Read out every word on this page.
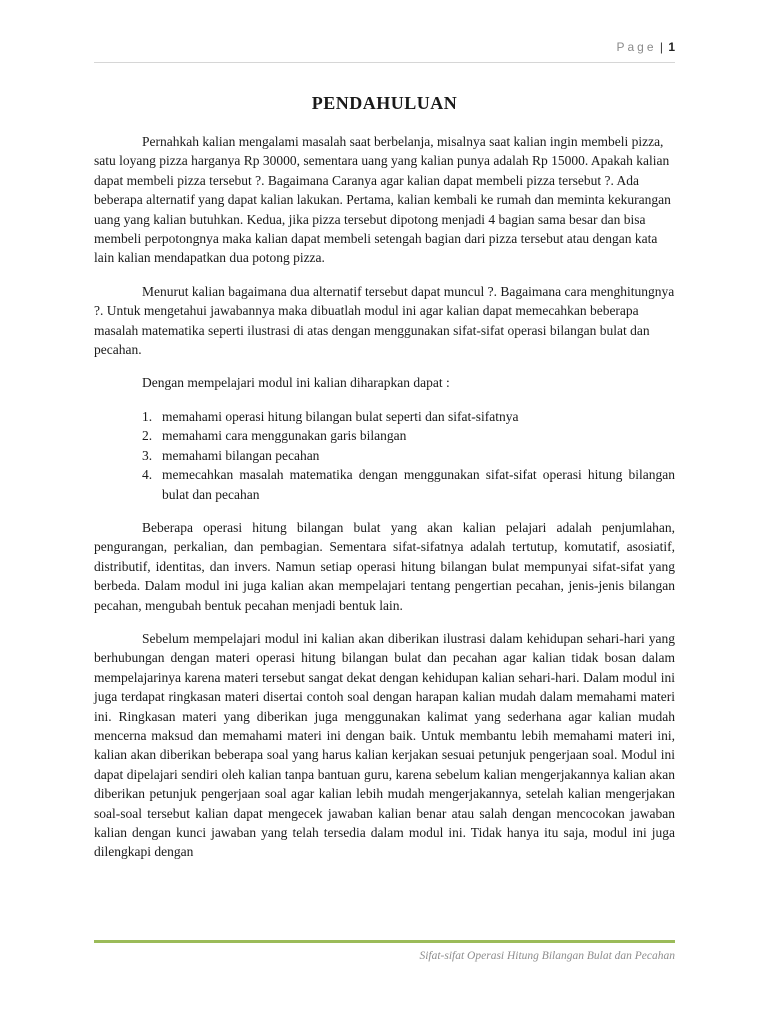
Page | 1
PENDAHULUAN

Pernahkah kalian mengalami masalah saat berbelanja, misalnya saat kalian ingin membeli pizza, satu loyang pizza harganya Rp 30000, sementara uang yang kalian punya adalah Rp 15000. Apakah kalian dapat membeli pizza tersebut ?. Bagaimana Caranya agar kalian dapat membeli pizza tersebut ?. Ada beberapa alternatif yang dapat kalian lakukan. Pertama, kalian kembali ke rumah dan meminta kekurangan uang yang kalian butuhkan. Kedua, jika pizza tersebut dipotong menjadi 4 bagian sama besar dan bisa membeli perpotongnya maka kalian dapat membeli setengah bagian dari pizza tersebut atau dengan kata lain kalian mendapatkan dua potong pizza.

Menurut kalian bagaimana dua alternatif tersebut dapat muncul ?. Bagaimana cara menghitungnya ?. Untuk mengetahui jawabannya maka dibuatlah modul ini agar kalian dapat memecahkan beberapa masalah matematika seperti ilustrasi di atas dengan menggunakan sifat-sifat operasi bilangan bulat dan pecahan.

Dengan mempelajari modul ini kalian diharapkan dapat :

1. memahami operasi hitung bilangan bulat seperti dan sifat-sifatnya
2. memahami cara menggunakan garis bilangan
3. memahami bilangan pecahan
4. memecahkan masalah matematika dengan menggunakan sifat-sifat operasi hitung bilangan bulat dan pecahan

Beberapa operasi hitung bilangan bulat yang akan kalian pelajari adalah penjumlahan, pengurangan, perkalian, dan pembagian. Sementara sifat-sifatnya adalah tertutup, komutatif, asosiatif, distributif, identitas, dan invers. Namun setiap operasi hitung bilangan bulat mempunyai sifat-sifat yang berbeda. Dalam modul ini juga kalian akan mempelajari tentang pengertian pecahan, jenis-jenis bilangan pecahan, mengubah bentuk pecahan menjadi bentuk lain.

Sebelum mempelajari modul ini kalian akan diberikan ilustrasi dalam kehidupan sehari-hari yang berhubungan dengan materi operasi hitung bilangan bulat dan pecahan agar kalian tidak bosan dalam mempelajarinya karena materi tersebut sangat dekat dengan kehidupan kalian sehari-hari. Dalam modul ini juga terdapat ringkasan materi disertai contoh soal dengan harapan kalian mudah dalam memahami materi ini. Ringkasan materi yang diberikan juga menggunakan kalimat yang sederhana agar kalian mudah mencerna maksud dan memahami materi ini dengan baik. Untuk membantu lebih memahami materi ini, kalian akan diberikan beberapa soal yang harus kalian kerjakan sesuai petunjuk pengerjaan soal. Modul ini dapat dipelajari sendiri oleh kalian tanpa bantuan guru, karena sebelum kalian mengerjakannya kalian akan diberikan petunjuk pengerjaan soal agar kalian lebih mudah mengerjakannya, setelah kalian mengerjakan soal-soal tersebut kalian dapat mengecek jawaban kalian benar atau salah dengan mencocokan jawaban kalian dengan kunci jawaban yang telah tersedia dalam modul ini. Tidak hanya itu saja, modul ini juga dilengkapi dengan

Sifat-sifat Operasi Hitung Bilangan Bulat dan Pecahan
